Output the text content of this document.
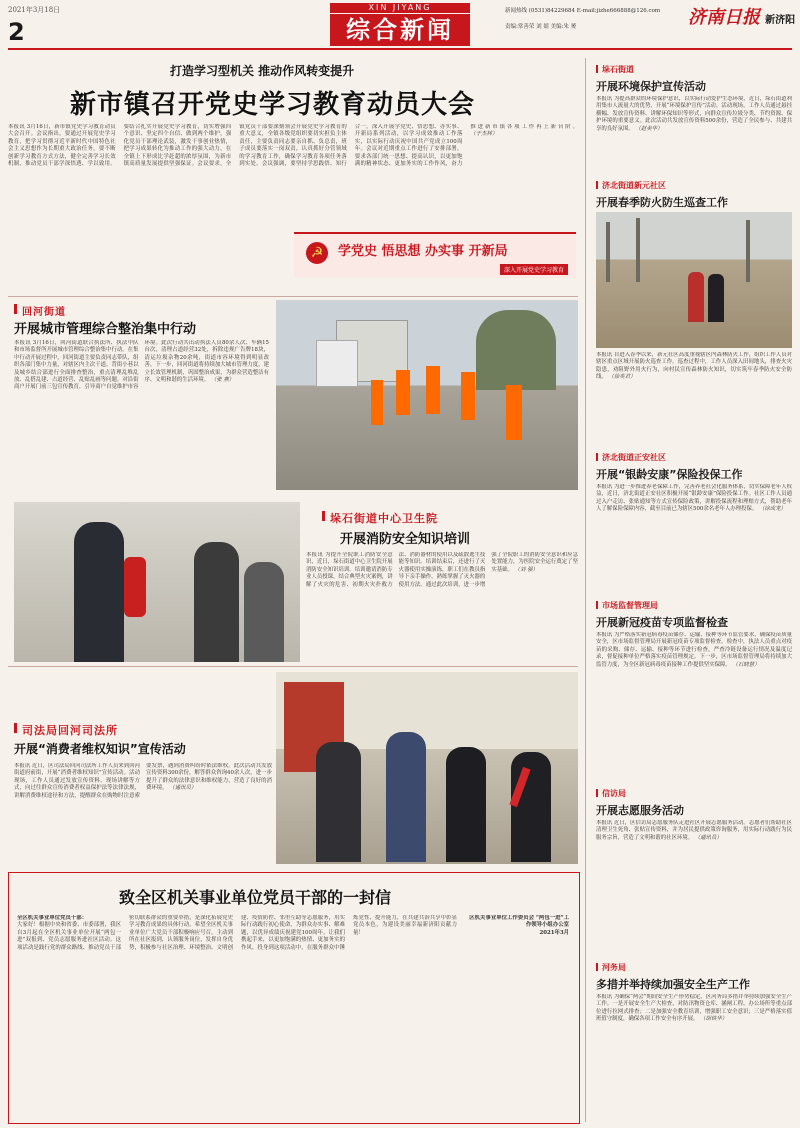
2021年3月18日
2
XIN JIYANG
综合新闻
新闻热线 (0531)84229684 E-mail:jizhe666888@126.com
责编:常善荣 刘 婧 美编:朱 赟	济南日报 新济阳
打造学习型机关 推动作风转变提升
新市镇召开党史学习教育动员大会
本报讯 3月16日，新市镇党史学习教育动员大会召开。会议指出，要通过开展党史学习教育，把学习贯彻习近平新时代中国特色社会主义思想作为长期重大政治任务，要不断创新学习教育方式方法，健全完善学习长效机制，推动党员干部学深悟透、学以致用。要结合扎实开展党史学习教育，切实增强四个意识、坚定四个自信、做到两个维护，强化党员干部理论武装，激发干事创业热情，把学习成果转化为推动工作的强大动力，在全镇上下形成比学赶超的浓厚氛围，为新市镇高质量发展提供坚强保证。会议要求，全镇党员干部要深刻领会开展党史学习教育的重大意义，全镇各级党组织要切实担负主体责任，主要负责同志要亲自抓、负总责，班子成员要落实一岗双责，认真抓好分管领域的学习教育工作，确保学习教育各项任务落到实处。会议强调，要坚持学思践悟、知行合一，深入开展学党史、悟思想、办实事、开新局系列活动，以学习成效推动工作落实，以实际行动庆祝中国共产党成立100周年。会议对近期重点工作进行了安排部署，要求各部门统一思想、提高认识，以更加饱满的精神状态、更加务实的工作作风，奋力推进新市镇各项工作再上新台阶。 （于杰林）
☭	学党史 悟思想 办实事 开新局
深入开展党史学习教育
回河街道
开展城市管理综合整治集中行动
本报讯 3月16日，回河街道联合执法所、执法中队和市场监督所开展城市管理综合整治集中行动。在集中行动开展过程中，回河街道主要负责同志带队，组织各部门集中力量，对辖区内主次干道、背街小巷以及城乡结合部进行全面排查整治，重点清理乱堆乱放、乱搭乱建、占道经营、乱贴乱画等问题。对沿街商户开展门前三包宣传教育，引导商户自觉维护市容环境。此次行动共出动执法人员80余人次、车辆15台次，清理占道经营32处，拆除违规广告牌18块，清运垃圾杂物20余吨，街道市容环境得到明显改善。下一步，回河街道将持续加大城市管理力度，建立长效管理机制，巩固整治成果，为群众营造整洁有序、文明和谐的生活环境。 （张 燕）
垛石街道中心卫生院
开展消防安全知识培训
本报讯 为提升全院职工消防安全意识，近日，垛石街道中心卫生院开展消防安全知识培训。培训邀请消防专业人员授课，结合典型火灾案例，讲解了火灾的危害、初期火灾扑救方法、消防器材的使用以及疏散逃生技能等知识。培训结束后，还进行了灭火器使用实操演练，职工们在教员指导下亲手操作，熟练掌握了灭火器的使用方法。通过此次培训，进一步增强了全院职工的消防安全意识和应急处置能力，为医院安全运行奠定了坚实基础。 （刘 强）
司法局回河司法所
开展“消费者维权知识”宣传活动
本报讯 近日，区司法局回河司法所工作人员来到回河街道府前街，开展“消费者维权知识”宣传活动。活动现场，工作人员通过发放宣传资料、现场讲解等方式，向过往群众宣传消费者权益保护法等法律法规，讲解消费维权途径和方法，提醒群众在购物时注意索要发票，遇到消费纠纷时依法维权。此次活动共发放宣传资料300余份，解答群众咨询40余人次，进一步提升了群众的法律意识和维权能力，营造了良好的消费环境。 （通讯员）
致全区机关事业单位党员干部的一封信
全区机关事业单位党员干部：
大家好！根据中央和省委、市委部署，我区自3月起在全区机关事业单位开展“两包一进”双报到、党员志愿服务进社区活动。这项活动是践行党的群众路线、推动党员干部密切联系群众的重要举措，是深化拓展党史学习教育成果的具体行动。希望全区机关事业单位广大党员干部积极响应号召，主动到所在社区报到，认领服务岗位，发挥自身优势，积极参与社区治理、环境整治、文明创建、疫情防控、邻里互助等志愿服务，用实际行动践行初心使命，为群众办实事、解难题，以优异成绩庆祝建党100周年。让我们携起手来，以更加饱满的热情、更加务实的作风，投身到这项活动中，在服务群众中锤炼党性、提升能力，在共建共治共享中彰显党员本色，为建设美丽幸福新济阳贡献力量！
区机关事业单位工作委员会 “两包一进”工作领导小组办公室
2021年3月
垛石街道
开展环境保护宣传活动
本报讯 为提高群众的环境保护意识，以实际行动爱护生态环境，近日，垛石街道利用集市人流量大的优势，开展“环境保护宣传”活动。活动现场，工作人员通过悬挂横幅、发放宣传资料、讲解环保知识等形式，向群众宣传垃圾分类、节约资源、保护环境的重要意义。此次活动共发放宣传资料500余份，营造了全民参与、共建共享的良好氛围。 （赵美华）
济北街道新元社区
开展春季防火防生巡查工作
本报讯 自进入春季以来，新元社区高度重视辖区内森林防火工作，组织工作人员对辖区重点区域开展防火巡查工作。巡查过程中，工作人员深入田间地头，排查火灾隐患，劝阻野外用火行为，向村民宣传森林防火知识，切实筑牢春季防火安全防线。 （徐英君）
济北街道正安社区
开展“银龄安康”保险投保工作
本报讯 为进一步推进养老保障工作，完善养老社会化服务体系，切实保障老年人权益，近日，济北街道正安社区积极开展“银龄安康”保险投保工作。社区工作人员通过入户走访、张贴通知等方式宣传保险政策，讲解投保流程和理赔方式，帮助老年人了解保险保障内容，截至目前已为辖区500余名老年人办理投保。 （徐成龙）
市场监督管理局
开展新冠疫苗专项监督检查
本报讯 为严格落实新冠病毒疫苗储存、运输、接种等环节监管要求，确保疫苗质量安全，区市场监督管理局开展新冠疫苗专项监督检查。检查中，执法人员重点对疫苗的采购、储存、运输、接种等环节进行检查，严查冷链设备运行情况及温度记录，督促接种单位严格落实疫苗管理规定。下一步，区市场监督管理局将持续加大监管力度，为全区新冠病毒疫苗接种工作提供坚实保障。 （石晓慧）
信访局
开展志愿服务活动
本报讯 近日，区信访局志愿服务队走进社区开展志愿服务活动。志愿者们帮助社区清理卫生死角、张贴宣传资料，并为居民提供政策咨询服务，用实际行动践行为民服务宗旨，营造了文明和谐的社区环境。 （通讯员）
河务局
多措并举持续加强安全生产工作
本报讯 为确保“两会”期间安全生产形势稳定，区河务局多措并举持续加强安全生产工作。一是开展安全生产大检查，对防汛物资仓库、涵闸工程、办公场所等重点部位进行拉网式排查；二是加强安全教育培训，增强职工安全意识；三是严格落实值班值守制度，确保各项工作安全有序开展。 （胡铁华）
